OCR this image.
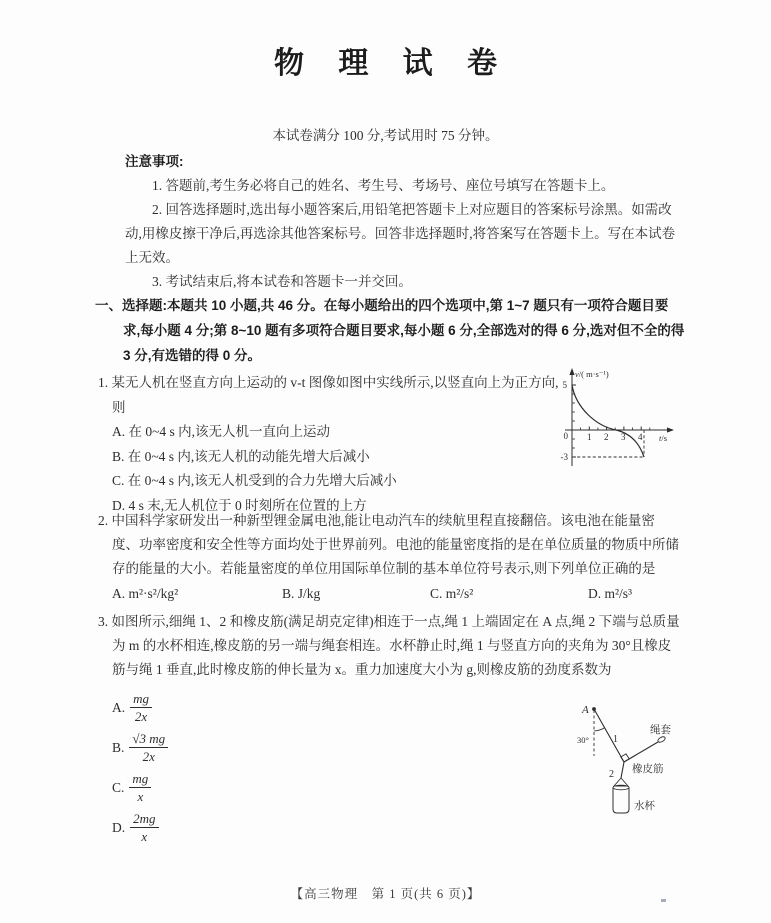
物 理 试 卷
本试卷满分 100 分,考试用时 75 分钟。
注意事项:
1. 答题前,考生务必将自己的姓名、考生号、考场号、座位号填写在答题卡上。
2. 回答选择题时,选出每小题答案后,用铅笔把答题卡上对应题目的答案标号涂黑。如需改动,用橡皮擦干净后,再选涂其他答案标号。回答非选择题时,将答案写在答题卡上。写在本试卷上无效。
3. 考试结束后,将本试卷和答题卡一并交回。
一、选择题:本题共 10 小题,共 46 分。在每小题给出的四个选项中,第 1~7 题只有一项符合题目要求,每小题 4 分;第 8~10 题有多项符合题目要求,每小题 6 分,全部选对的得 6 分,选对但不全的得 3 分,有选错的得 0 分。
1. 某无人机在竖直方向上运动的 v-t 图像如图中实线所示,以竖直向上为正方向,则
A. 在 0~4 s 内,该无人机一直向上运动
B. 在 0~4 s 内,该无人机的动能先增大后减小
C. 在 0~4 s 内,该无人机受到的合力先增大后减小
D. 4 s 末,无人机位于 0 时刻所在位置的上方
v/( m·s⁻¹)
5
0
-3
1 2 3 4 t/s
2. 中国科学家研发出一种新型锂金属电池,能让电动汽车的续航里程直接翻倍。该电池在能量密度、功率密度和安全性等方面均处于世界前列。电池的能量密度指的是在单位质量的物质中所储存的能量的大小。若能量密度的单位用国际单位制的基本单位符号表示,则下列单位正确的是
A. m²·s²/kg²	B. J/kg	C. m²/s²	D. m²/s³
3. 如图所示,细绳 1、2 和橡皮筋(满足胡克定律)相连于一点,绳 1 上端固定在 A 点,绳 2 下端与总质量为 m 的水杯相连,橡皮筋的另一端与绳套相连。水杯静止时,绳 1 与竖直方向的夹角为 30°且橡皮筋与绳 1 垂直,此时橡皮筋的伸长量为 x。重力加速度大小为 g,则橡皮筋的劲度系数为
A. $\frac{mg}{2x}$
B. $\frac{√3 mg}{2x}$
C. $\frac{mg}{x}$
D. $\frac{2mg}{x}$
A
1
30°
绳套
橡皮筋
2
水杯
【高三物理　第 1 页(共 6 页)】
